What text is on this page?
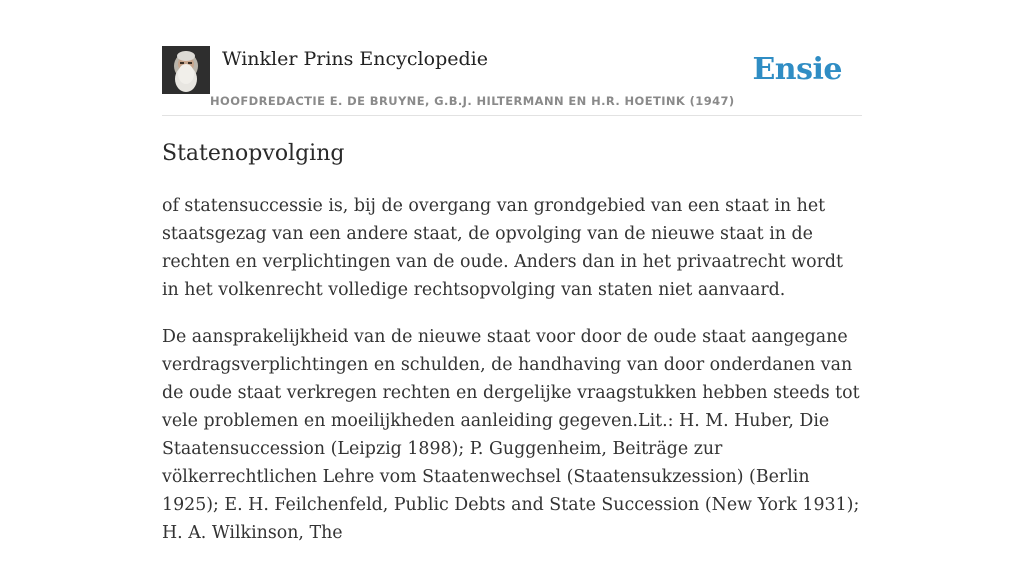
Winkler Prins Encyclopedie
HOOFDREDACTIE E. DE BRUYNE, G.B.J. HILTERMANN EN H.R. HOETINK (1947)
Ensie
Statenopvolging

of statensuccessie is, bij de overgang van grondgebied van een staat in het staatsgezag van een andere staat, de opvolging van de nieuwe staat in de rechten en verplichtingen van de oude. Anders dan in het privaatrecht wordt in het volkenrecht volledige rechtsopvolging van staten niet aanvaard.

De aansprakelijkheid van de nieuwe staat voor door de oude staat aangegane verdragsverplichtingen en schulden, de handhaving van door onderdanen van de oude staat verkregen rechten en dergelijke vraagstukken hebben steeds tot vele problemen en moeilijkheden aanleiding gegeven.Lit.: H. M. Huber, Die Staatensuccession (Leipzig 1898); P. Guggenheim, Beiträge zur völkerrechtlichen Lehre vom Staatenwechsel (Staatensukzession) (Berlin 1925); E. H. Feilchenfeld, Public Debts and State Succession (New York 1931); H. A. Wilkinson, The
